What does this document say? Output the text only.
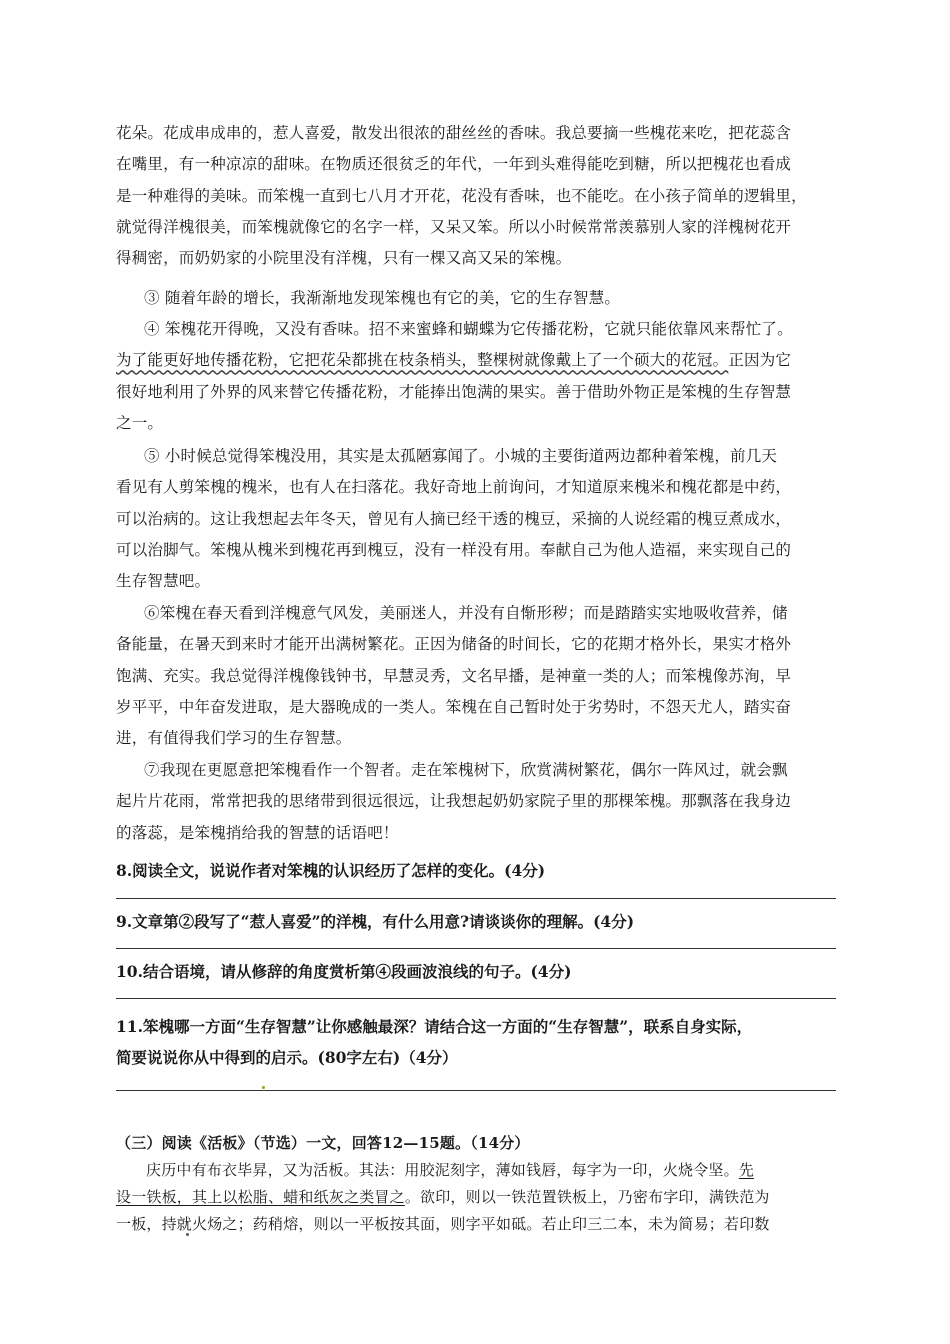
花朵。花成串成串的，惹人喜爱，散发出很浓的甜丝丝的香味。我总要摘一些槐花来吃，把花蕊含
在嘴里，有一种凉凉的甜味。在物质还很贫乏的年代，一年到头难得能吃到糖，所以把槐花也看成
是一种难得的美味。而笨槐一直到七八月才开花，花没有香味，也不能吃。在小孩子简单的逻辑里，
就觉得洋槐很美，而笨槐就像它的名字一样，又呆又笨。所以小时候常常羡慕别人家的洋槐树花开
得稠密，而奶奶家的小院里没有洋槐，只有一棵又高又呆的笨槐。
③ 随着年龄的增长，我渐渐地发现笨槐也有它的美，它的生存智慧。
④ 笨槐花开得晚，又没有香味。招不来蜜蜂和蝴蝶为它传播花粉，它就只能依靠风来帮忙了。
为了能更好地传播花粉，它把花朵都挑在枝条梢头，整棵树就像戴上了一个硕大的花冠。正因为它
很好地利用了外界的风来替它传播花粉，才能捧出饱满的果实。善于借助外物正是笨槐的生存智慧
之一。
⑤ 小时候总觉得笨槐没用，其实是太孤陋寡闻了。小城的主要街道两边都种着笨槐，前几天
看见有人剪笨槐的槐米，也有人在扫落花。我好奇地上前询问，才知道原来槐米和槐花都是中药，
可以治病的。这让我想起去年冬天，曾见有人摘已经干透的槐豆，采摘的人说经霜的槐豆煮成水，
可以治脚气。笨槐从槐米到槐花再到槐豆，没有一样没有用。奉献自己为他人造福，来实现自己的
生存智慧吧。
⑥笨槐在春天看到洋槐意气风发，美丽迷人，并没有自惭形秽；而是踏踏实实地吸收营养，储
备能量，在暑天到来时才能开出满树繁花。正因为储备的时间长，它的花期才格外长，果实才格外
饱满、充实。我总觉得洋槐像钱钟书，早慧灵秀，文名早播，是神童一类的人；而笨槐像苏洵，早
岁平平，中年奋发进取，是大器晚成的一类人。笨槐在自己暂时处于劣势时，不怨天尤人，踏实奋
进，有值得我们学习的生存智慧。
⑦我现在更愿意把笨槐看作一个智者。走在笨槐树下，欣赏满树繁花，偶尔一阵风过，就会飘
起片片花雨，常常把我的思绪带到很远很远，让我想起奶奶家院子里的那棵笨槐。那飘落在我身边
的落蕊，是笨槐捎给我的智慧的话语吧！
8.阅读全文，说说作者对笨槐的认识经历了怎样的变化。(4分)
9.文章第②段写了“惹人喜爱”的洋槐，有什么用意?请谈谈你的理解。(4分)
10.结合语境，请从修辞的角度赏析第④段画波浪线的句子。(4分)
11.笨槐哪一方面“生存智慧”让你感触最深？请结合这一方面的“生存智慧”，联系自身实际，
简要说说你从中得到的启示。(80字左右)（4分）
（三）阅读《活板》（节选）一文，回答12—15题。（14分）
庆历中有布衣毕昇，又为活板。其法：用胶泥刻字，薄如钱唇，每字为一印，火烧令坚。先
设一铁板，其上以松脂、蜡和纸灰之类冒之。欲印，则以一铁范置铁板上，乃密布字印，满铁范为
一板，持就火炀之；药稍熔，则以一平板按其面，则字平如砥。若止印三二本，未为简易；若印数
